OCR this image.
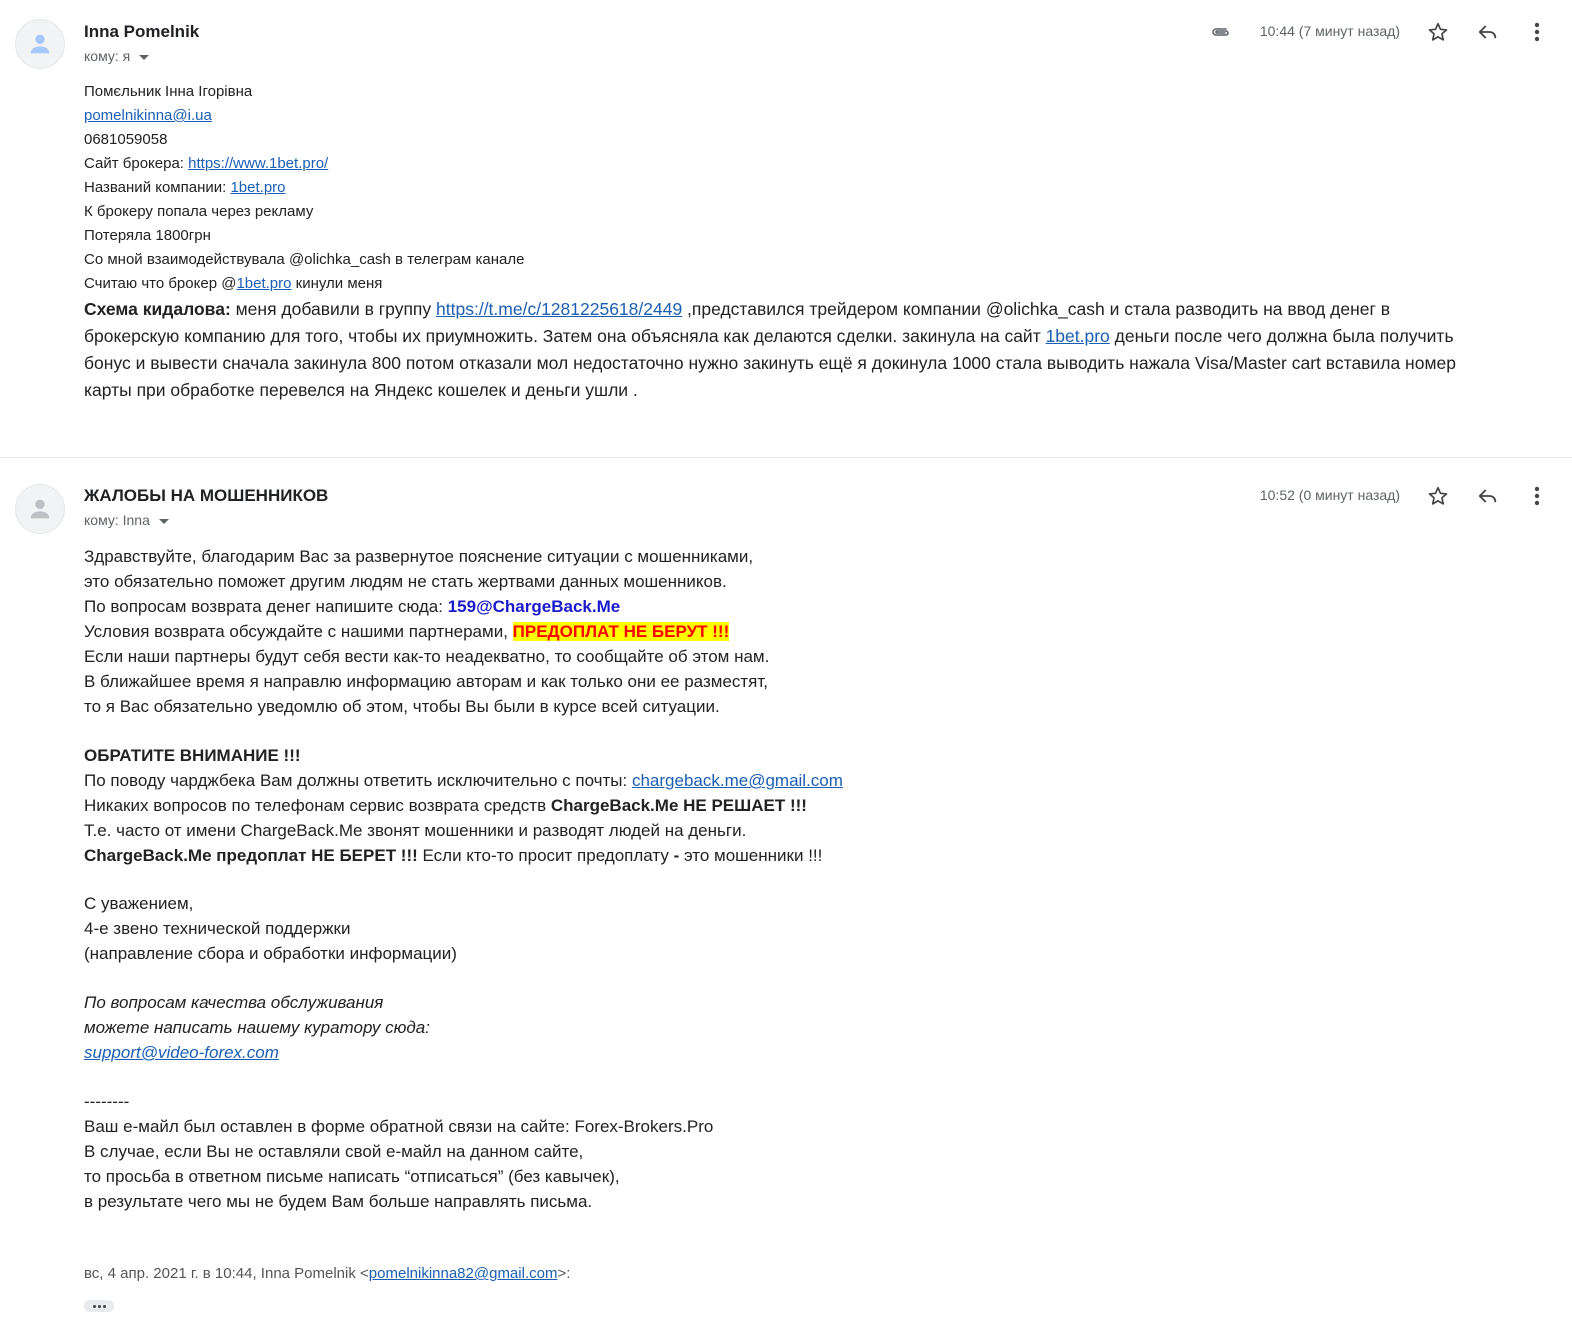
Inna Pomelnik
кому: я
10:44 (7 минут назад)
Помєльник Інна Ігорівна
pomelnikinna@i.ua
0681059058
Сайт брокера: https://www.1bet.pro/
Названий компании: 1bet.pro
К брокеру попала через рекламу
Потеряла 1800грн
Со мной взаимодействувала @olichka_cash в телеграм канале
Считаю что брокер @1bet.pro кинули меня
Схема кидалова: меня добавили в группу https://t.me/c/1281225618/2449 ,представился трейдером компании @olichka_cash и стала разводить на ввод денег в
брокерскую компанию для того, чтобы их приумножить. Затем она объясняла как делаются сделки. закинула на сайт 1bet.pro деньги после чего должна была получить
бонус и вывести сначала закинула 800 потом отказали мол недостаточно нужно закинуть ещё я докинула 1000 стала выводить нажала Visa/Master cart вставила номер
карты при обработке перевелся на Яндекс кошелек и деньги ушли .
ЖАЛОБЫ НА МОШЕННИКОВ
кому: Inna
10:52 (0 минут назад)
Здравствуйте, благодарим Вас за развернутое пояснение ситуации с мошенниками,
это обязательно поможет другим людям не стать жертвами данных мошенников.
По вопросам возврата денег напишите сюда: 159@ChargeBack.Me
Условия возврата обсуждайте с нашими партнерами, ПРЕДОПЛАТ НЕ БЕРУТ !!!
Если наши партнеры будут себя вести как-то неадекватно, то сообщайте об этом нам.
В ближайшее время я направлю информацию авторам и как только они ее разместят,
то я Вас обязательно уведомлю об этом, чтобы Вы были в курсе всей ситуации.
ОБРАТИТЕ ВНИМАНИЕ !!!
По поводу чарджбека Вам должны ответить исключительно с почты: chargeback.me@gmail.com
Никаких вопросов по телефонам сервис возврата средств ChargeBack.Me НЕ РЕШАЕТ !!!
Т.е. часто от имени ChargeBack.Me звонят мошенники и разводят людей на деньги.
ChargeBack.Me предоплат НЕ БЕРЕТ !!! Если кто-то просит предоплату - это мошенники !!!
С уважением,
4-е звено технической поддержки
(направление сбора и обработки информации)
По вопросам качества обслуживания
можете написать нашему куратору сюда:
support@video-forex.com
--------
Ваш е-майл был оставлен в форме обратной связи на сайте: Forex-Brokers.Pro
В случае, если Вы не оставляли свой е-майл на данном сайте,
то просьба в ответном письме написать “отписаться” (без кавычек),
в результате чего мы не будем Вам больше направлять письма.
вс, 4 апр. 2021 г. в 10:44, Inna Pomelnik <pomelnikinna82@gmail.com>:
